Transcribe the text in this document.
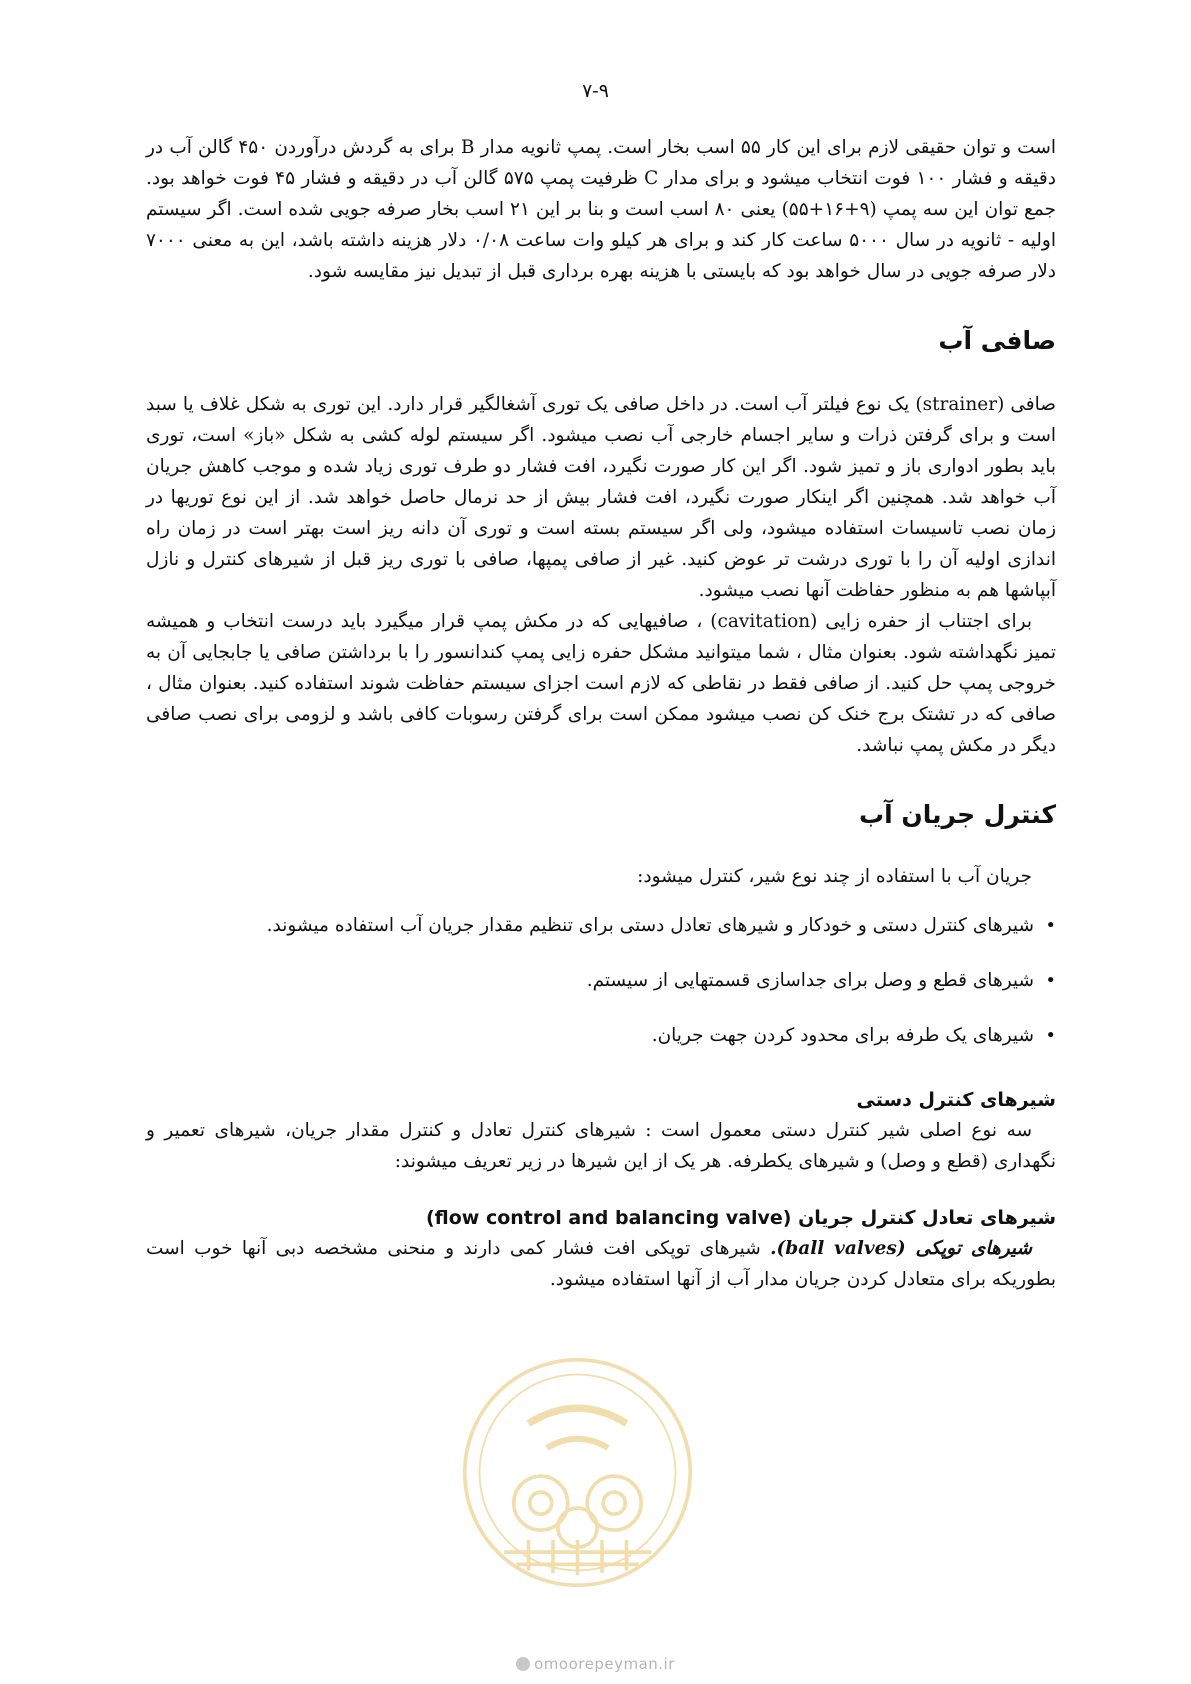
۷-۹

است و توان حقیقی لازم برای این کار ۵۵ اسب بخار است. پمپ ثانویه مدار B برای به گردش درآوردن ۴۵۰ گالن آب در دقیقه و فشار ۱۰۰ فوت انتخاب میشود و برای مدار C ظرفیت پمپ ۵۷۵ گالن آب در دقیقه و فشار ۴۵ فوت خواهد بود. جمع توان این سه پمپ (۹+۱۶+۵۵) یعنی ۸۰ اسب است و بنا بر این ۲۱ اسب بخار صرفه جویی شده است. اگر سیستم اولیه - ثانویه در سال ۵۰۰۰ ساعت کار کند و برای هر کیلو وات ساعت ۰/۰۸ دلار هزینه داشته باشد، این به معنی ۷۰۰۰ دلار صرفه جویی در سال خواهد بود که بایستی با هزینه بهره برداری قبل از تبدیل نیز مقایسه شود.

صافی آب

صافی (strainer) یک نوع فیلتر آب است. در داخل صافی یک توری آشغالگیر قرار دارد. این توری به شکل غلاف یا سبد است و برای گرفتن ذرات و سایر اجسام خارجی آب نصب میشود. اگر سیستم لوله کشی به شکل «باز» است، توری باید بطور ادواری باز و تمیز شود. اگر این کار صورت نگیرد، افت فشار دو طرف توری زیاد شده و موجب کاهش جریان آب خواهد شد. همچنین اگر اینکار صورت نگیرد، افت فشار بیش از حد نرمال حاصل خواهد شد. از این نوع توریها در زمان نصب تاسیسات استفاده میشود، ولی اگر سیستم بسته است و توری آن دانه ریز است بهتر است در زمان راه اندازی اولیه آن را با توری درشت تر عوض کنید. غیر از صافی پمپها، صافی با توری ریز قبل از شیرهای کنترل و نازل آبپاشها هم به منظور حفاظت آنها نصب میشود.

برای اجتناب از حفره زایی (cavitation) ، صافیهایی که در مکش پمپ قرار میگیرد باید درست انتخاب و همیشه تمیز نگهداشته شود. بعنوان مثال ، شما میتوانید مشکل حفره زایی پمپ کندانسور را با برداشتن صافی یا جابجایی آن به خروجی پمپ حل کنید. از صافی فقط در نقاطی که لازم است اجزای سیستم حفاظت شوند استفاده کنید. بعنوان مثال ، صافی که در تشتک برج خنک کن نصب میشود ممکن است برای گرفتن رسوبات کافی باشد و لزومی برای نصب صافی دیگر در مکش پمپ نباشد.

کنترل جریان آب

جریان آب با استفاده از چند نوع شیر، کنترل میشود:

•
شیرهای کنترل دستی و خودکار و شیرهای تعادل دستی برای تنظیم مقدار جریان آب استفاده میشوند.
•
شیرهای قطع و وصل برای جداسازی قسمتهایی از سیستم.
•
شیرهای یک طرفه برای محدود کردن جهت جریان.
شیرهای کنترل دستی

سه نوع اصلی شیر کنترل دستی معمول است : شیرهای کنترل تعادل و کنترل مقدار جریان، شیرهای تعمیر و نگهداری (قطع و وصل) و شیرهای یکطرفه. هر یک از این شیرها در زیر تعریف میشوند:

شیرهای تعادل کنترل جریان (flow control and balancing valve)

شیرهای توپکی (ball valves). شیرهای توپکی افت فشار کمی دارند و منحنی مشخصه دبی آنها خوب است بطوریکه برای متعادل کردن جریان مدار آب از آنها استفاده میشود.

omoorepeyman.ir
